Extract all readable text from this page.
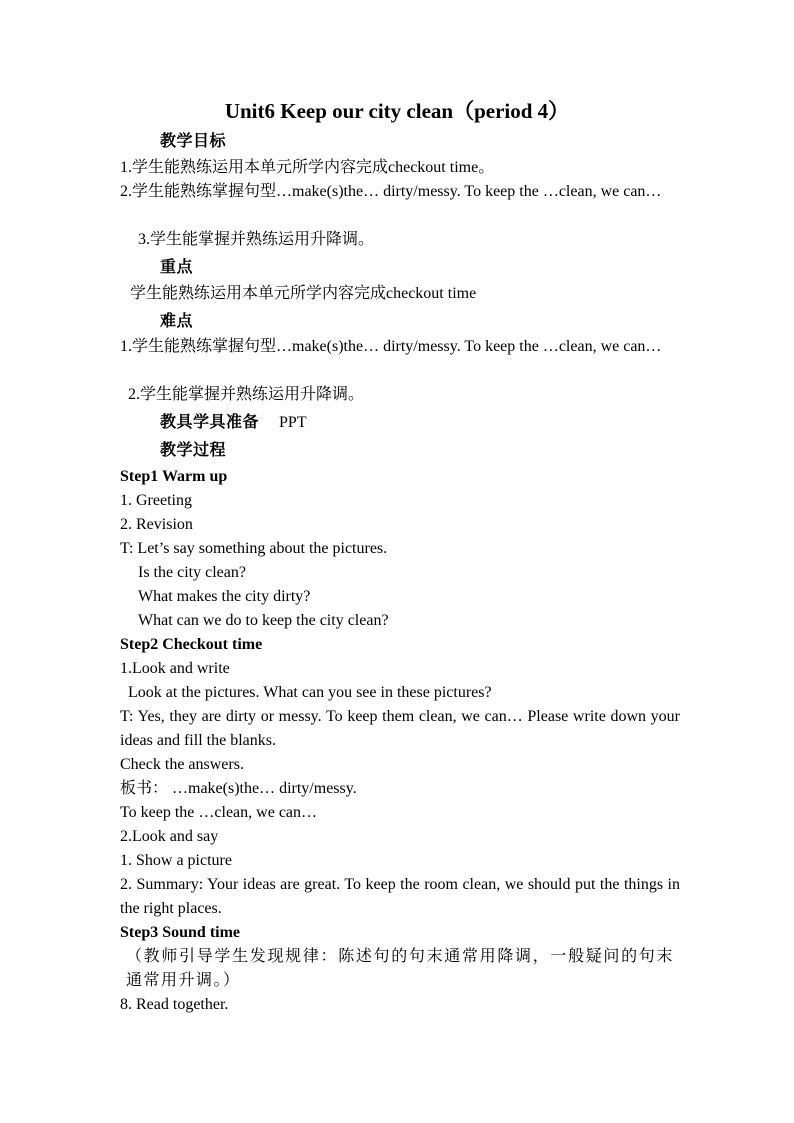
Unit6 Keep our city clean（period 4）
教学目标
1.学生能熟练运用本单元所学内容完成checkout time。
2.学生能熟练掌握句型…make(s)the… dirty/messy. To keep the …clean, we can…
3.学生能掌握并熟练运用升降调。
重点
学生能熟练运用本单元所学内容完成checkout time
难点
1.学生能熟练掌握句型…make(s)the… dirty/messy. To keep the …clean, we can…
2.学生能掌握并熟练运用升降调。
教具学具准备 PPT
教学过程
Step1 Warm up
1. Greeting
2. Revision
T: Let’s say something about the pictures.
Is the city clean?
What makes the city dirty?
What can we do to keep the city clean?
Step2 Checkout time
1.Look and write
Look at the pictures. What can you see in these pictures?
T: Yes, they are dirty or messy. To keep them clean, we can… Please write down your ideas and fill the blanks.
Check the answers.
板书： …make(s)the… dirty/messy.
To keep the …clean, we can…
2.Look and say
1. Show a picture
2. Summary: Your ideas are great. To keep the room clean, we should put the things in the right places.
Step3 Sound time
（教师引导学生发现规律：陈述句的句末通常用降调，一般疑问的句末通常用升调。）
8. Read together.
